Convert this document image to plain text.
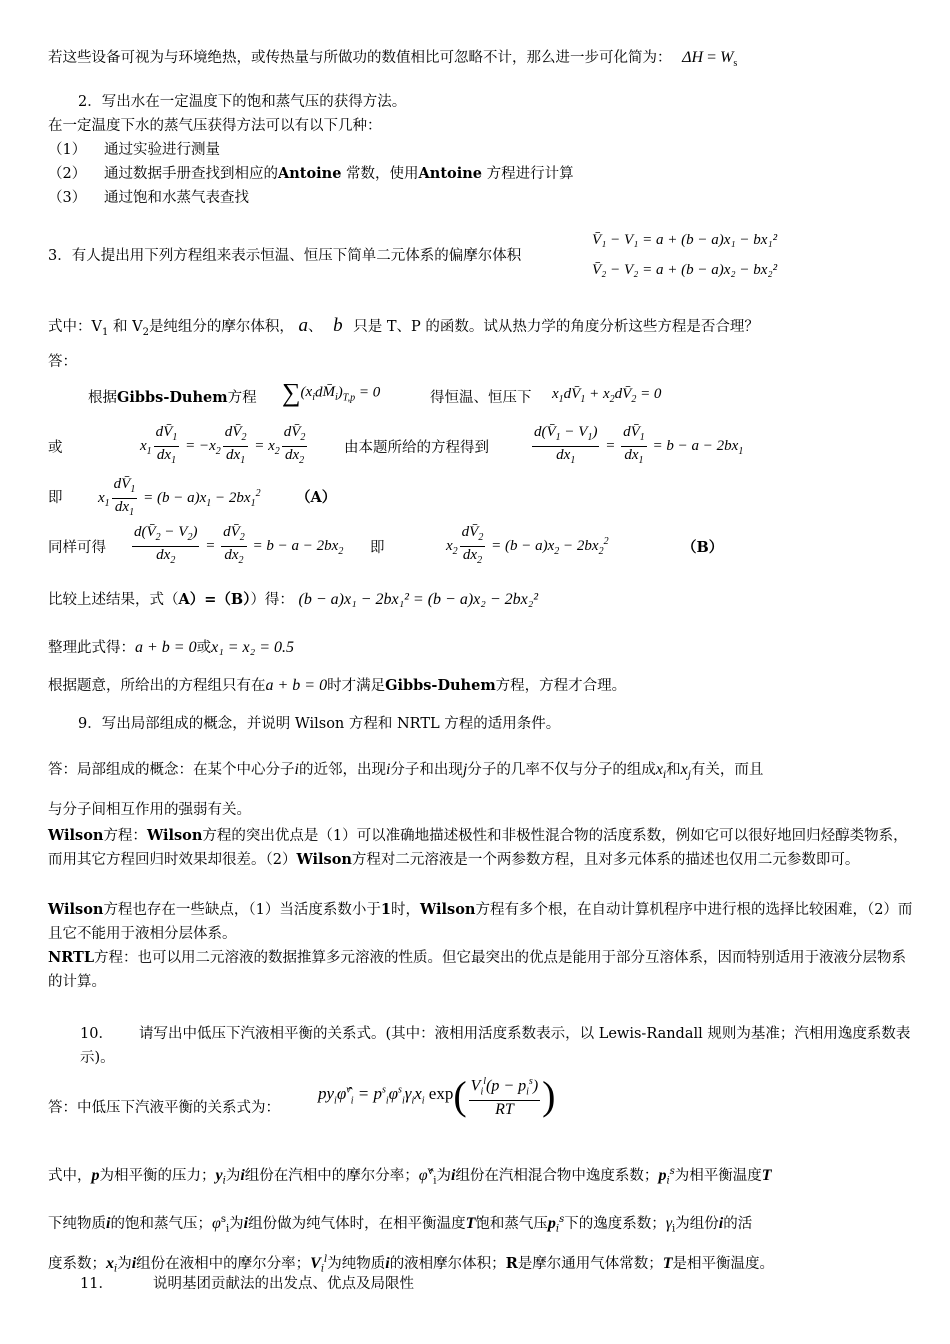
若这些设备可视为与环境绝热，或传热量与所做功的数值相比可忽略不计，那么进一步可化简为： $\Delta H = W_s$
2．写出水在一定温度下的饱和蒸气压的获得方法。
在一定温度下水的蒸气压获得方法可以有以下几种：
（1） 通过实验进行测量
（2） 通过数据手册查找到相应的Antoine 常数，使用Antoine 方程进行计算
（3） 通过饱和水蒸气表查找
3．有人提出用下列方程组来表示恒温、恒压下简单二元体系的偏摩尔体积
V̄₁ − V₁ = a + (b − a)x₁ − bx₁²
V̄₂ − V₂ = a + (b − a)x₂ − bx₂²
式中：$V_1$ 和 $V_2$是纯组分的摩尔体积， a、 b 只是 T、P 的函数。试从热力学的角度分析这些方程是否合理？
答：
根据Gibbs-Duhem方程 $\sum(x_idM̄_i)_{T,p} = 0$	得恒温、恒压下	$x_1dV̄_1$ + $x_2dV̄_2 = 0$
或	$x_1 \frac{dV̄_1}{dx_1} = -x_2 \frac{dV̄_2}{dx_1} = x_2 \frac{dV̄_2}{dx_2}$	由本题所给的方程得到	$\frac{d(V̄_1 - V_1)}{dx_1} = \frac{dV̄_1}{dx_1} = b - a - 2bx_1$
即	$x_1 \frac{dV̄_1}{dx_1} = (b - a)x_1 - 2bx_1^2$ （A）
同样可得	$\frac{d(V̄_2 - V_2)}{dx_2} = \frac{dV̄_2}{dx_2} = b - a - 2bx_2$ 即	$x_2 \frac{dV̄_2}{dx_2} = (b - a)x_2 - 2bx_2^2$	（B）
比较上述结果，式（A）=（B））得： (b − a)x₁ − 2bx₁² = (b − a)x₂ − 2bx₂²
整理此式得：a + b = 0或x₁ = x₂ = 0.5
根据题意，所给出的方程组只有在a + b = 0时才满足Gibbs-Duhem方程，方程才合理。
9．写出局部组成的概念，并说明 Wilson 方程和 NRTL 方程的适用条件。
答：局部组成的概念：在某个中心分子i的近邻，出现i分子和出现j分子的几率不仅与分子的组成$x_i$和$x_j$有关，而且
与分子间相互作用的强弱有关。
Wilson方程：Wilson方程的突出优点是（1）可以准确地描述极性和非极性混合物的活度系数，例如它可以很好地回归烃醇类物系，而用其它方程回归时效果却很差。（2）Wilson方程对二元溶液是一个两参数方程，且对多元体系的描述也仅用二元参数即可。
Wilson方程也存在一些缺点，（1）当活度系数小于1时，Wilson方程有多个根，在自动计算机程序中进行根的选择比较困难，（2）而且它不能用于液相分层体系。
NRTL方程：也可以用二元溶液的数据推算多元溶液的性质。但它最突出的优点是能用于部分互溶体系，因而特别适用于液液分层物系的计算。
10． 请写出中低压下汽液相平衡的关系式。(其中：液相用活度系数表示，以 Lewis-Randall 规则为基准；汽相用逸度系数表示)。
答：中低压下汽液平衡的关系式为：
$py_i\varphî^v_i = p^s_i\varphi^s_i\gamma_ix_i$ $\exp( \frac{V_i^l(p - p_i^s)}{RT}$ )
式中，p为相平衡的压力；$y_i$为i组份在汽相中的摩尔分率；φ̂$^v_i$为i组份在汽相混合物中逸度系数；$p_i^s$为相平衡温度T
下纯物质i的饱和蒸气压；$\varphi^s_i$为i组份做为纯气体时，在相平衡温度T饱和蒸气压$p_i^s$下的逸度系数；$\gamma_i$为组份i的活
度系数；$x_i$为i组份在液相中的摩尔分率；$V_i^l$为纯物质i的液相摩尔体积；R是摩尔通用气体常数；T是相平衡温度。
11．	说明基团贡献法的出发点、优点及局限性
